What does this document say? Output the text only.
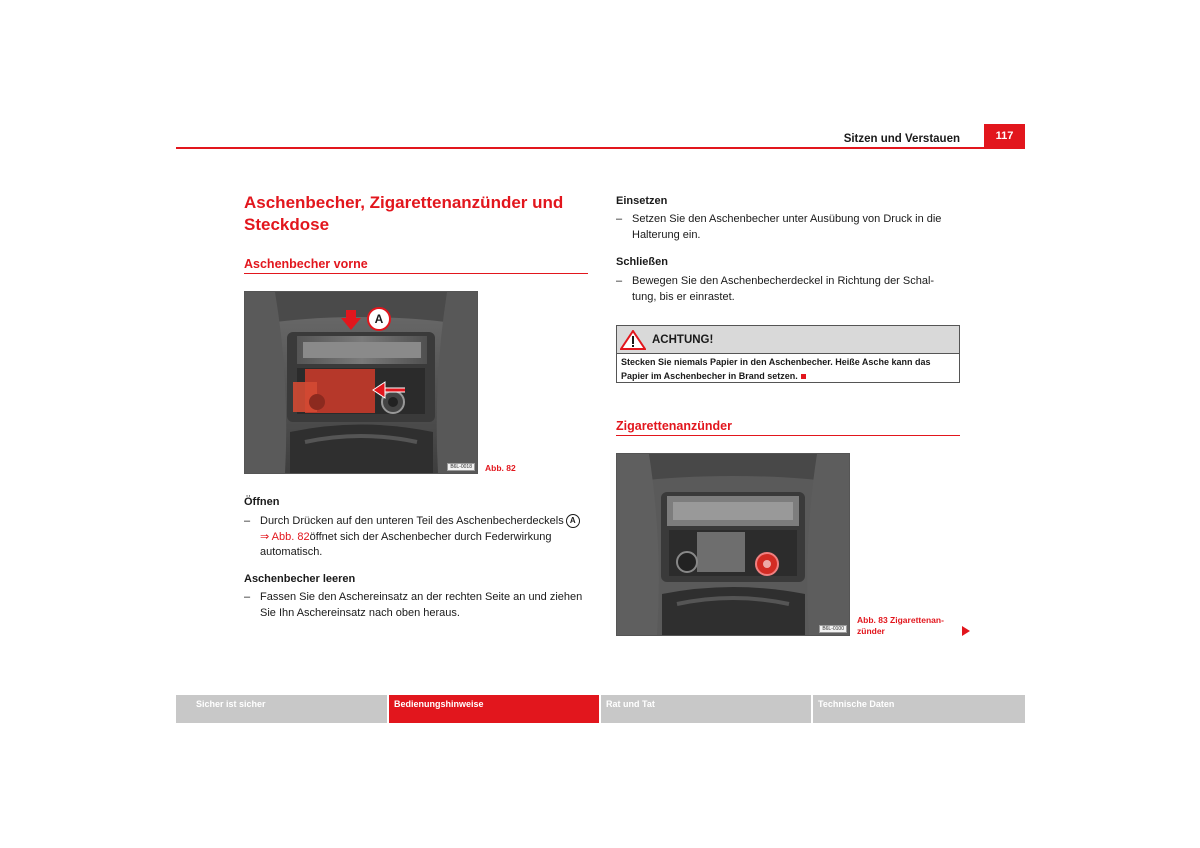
Sitzen und Verstauen	117
Aschenbecher, Zigarettenanzünder und
Steckdose
Aschenbecher vorne
A
B6L-0018	Abb. 82
Öffnen
– Durch Drücken auf den unteren Teil des Aschenbecherdeckels A
⇒ Abb. 82öffnet sich der Aschenbecher durch Federwirkung
automatisch.
Aschenbecher leeren
– Fassen Sie den Aschereinsatz an der rechten Seite an und ziehen
Sie Ihn Aschereinsatz nach oben heraus.
Einsetzen
– Setzen Sie den Aschenbecher unter Ausübung von Druck in die
Halterung ein.
Schließen
– Bewegen Sie den Aschenbecherdeckel in Richtung der Schal-
tung, bis er einrastet.
ACHTUNG!
Stecken Sie niemals Papier in den Aschenbecher. Heiße Asche kann das
Papier im Aschenbecher in Brand setzen.
Zigarettenanzünder
B6L-0100
Abb. 83 Zigarettenan-
zünder
Sicher ist sicher	Bedienungshinweise	Rat und Tat	Technische Daten
